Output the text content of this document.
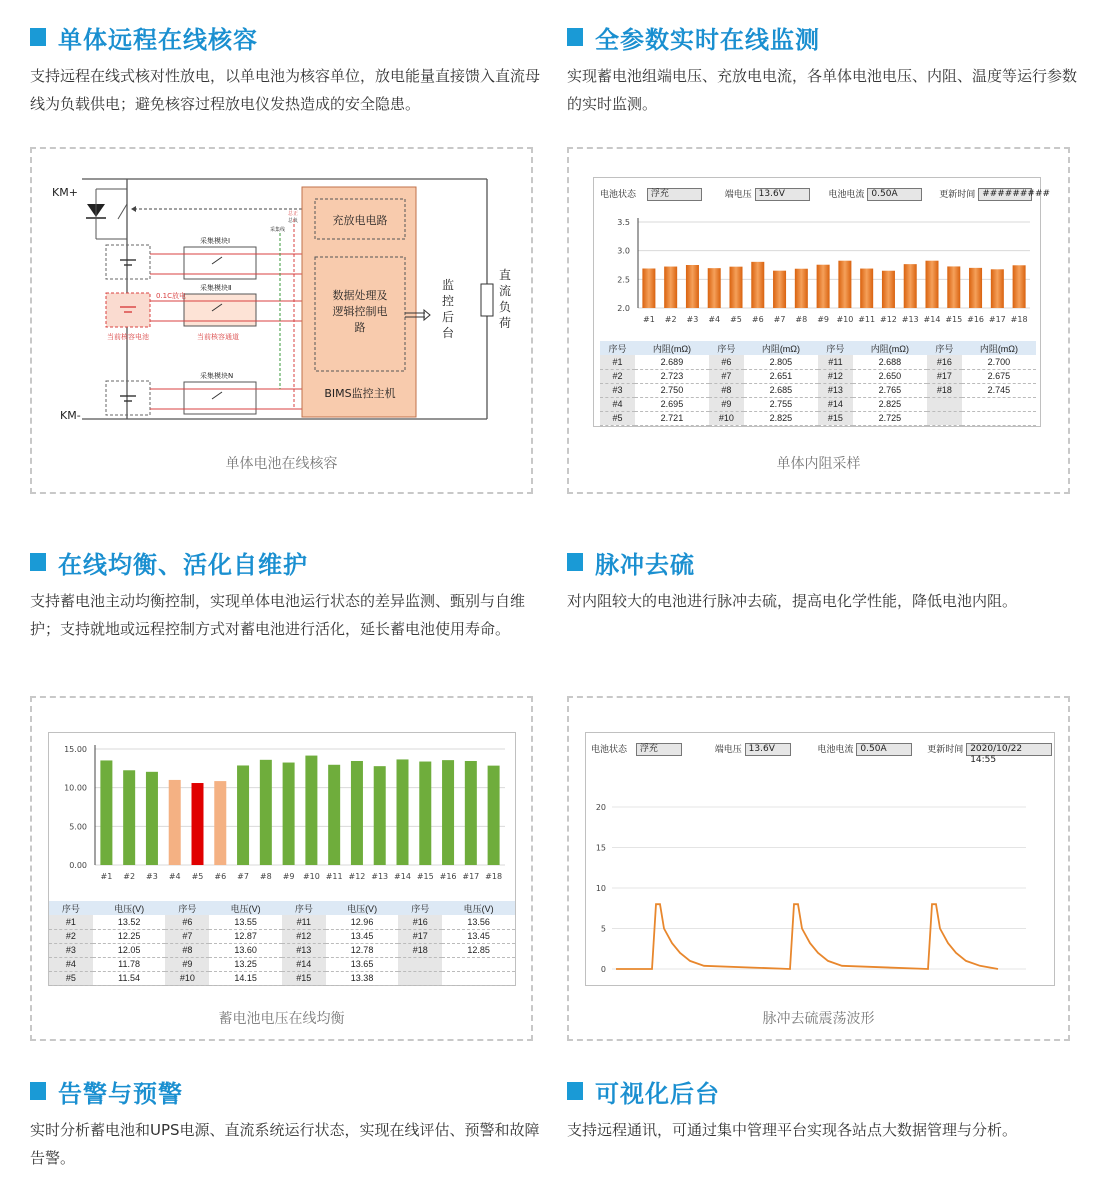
单体远程在线核容

支持远程在线式核对性放电，以单电池为核容单位，放电能量直接馈入直流母线为负载供电；避免核容过程放电仪发热造成的安全隐患。

全参数实时在线监测

实现蓄电池组端电压、充放电电流，各单体电池电压、内阻、温度等运行参数的实时监测。

KM+
KM-
当前核容电池
采集模块Ⅰ
采集模块Ⅱ
采集模块N
0.1C放电
当前核容通道
总正
总负
采集线
充放电电路
数据处理及
逻辑控制电
路
BIMS监控主机
监
控
后
台
直
流
负
荷
单体电池在线核容
电池状态 浮充	端电压 13.6V	电池电流 0.50A	更新时间 #########
2.0
2.5
3.0
3.5
#1 #2 #3 #4 #5 #6 #7 #8 #9 #10 #11 #12 #13 #14 #15 #16 #17 #18
序号	内阻(mΩ)	序号	内阻(mΩ)	序号	内阻(mΩ)	序号	内阻(mΩ)
#1	2.689	#6	2.805	#11	2.688	#16	2.700
#2	2.723	#7	2.651	#12	2.650	#17	2.675
#3	2.750	#8	2.685	#13	2.765	#18	2.745
#4	2.695	#9	2.755	#14	2.825		
#5	2.721	#10	2.825	#15	2.725		
单体内阻采样
在线均衡、活化自维护

支持蓄电池主动均衡控制，实现单体电池运行状态的差异监测、甄别与自维护；支持就地或远程控制方式对蓄电池进行活化，延长蓄电池使用寿命。

脉冲去硫

对内阻较大的电池进行脉冲去硫，提高电化学性能，降低电池内阻。

0.00
5.00
10.00
15.00
#1 #2 #3 #4 #5 #6 #7 #8 #9 #10 #11 #12 #13 #14 #15 #16 #17 #18
序号	电压(V)	序号	电压(V)	序号	电压(V)	序号	电压(V)
#1	13.52	#6	13.55	#11	12.96	#16	13.56
#2	12.25	#7	12.87	#12	13.45	#17	13.45
#3	12.05	#8	13.60	#13	12.78	#18	12.85
#4	11.78	#9	13.25	#14	13.65		
#5	11.54	#10	14.15	#15	13.38		
蓄电池电压在线均衡
电池状态 浮充	端电压 13.6V	电池电流 0.50A	更新时间 2020/10/22 14:55
0
5
10
15
20
脉冲去硫震荡波形
告警与预警

实时分析蓄电池和UPS电源、直流系统运行状态，实现在线评估、预警和故障告警。

可视化后台

支持远程通讯，可通过集中管理平台实现各站点大数据管理与分析。
